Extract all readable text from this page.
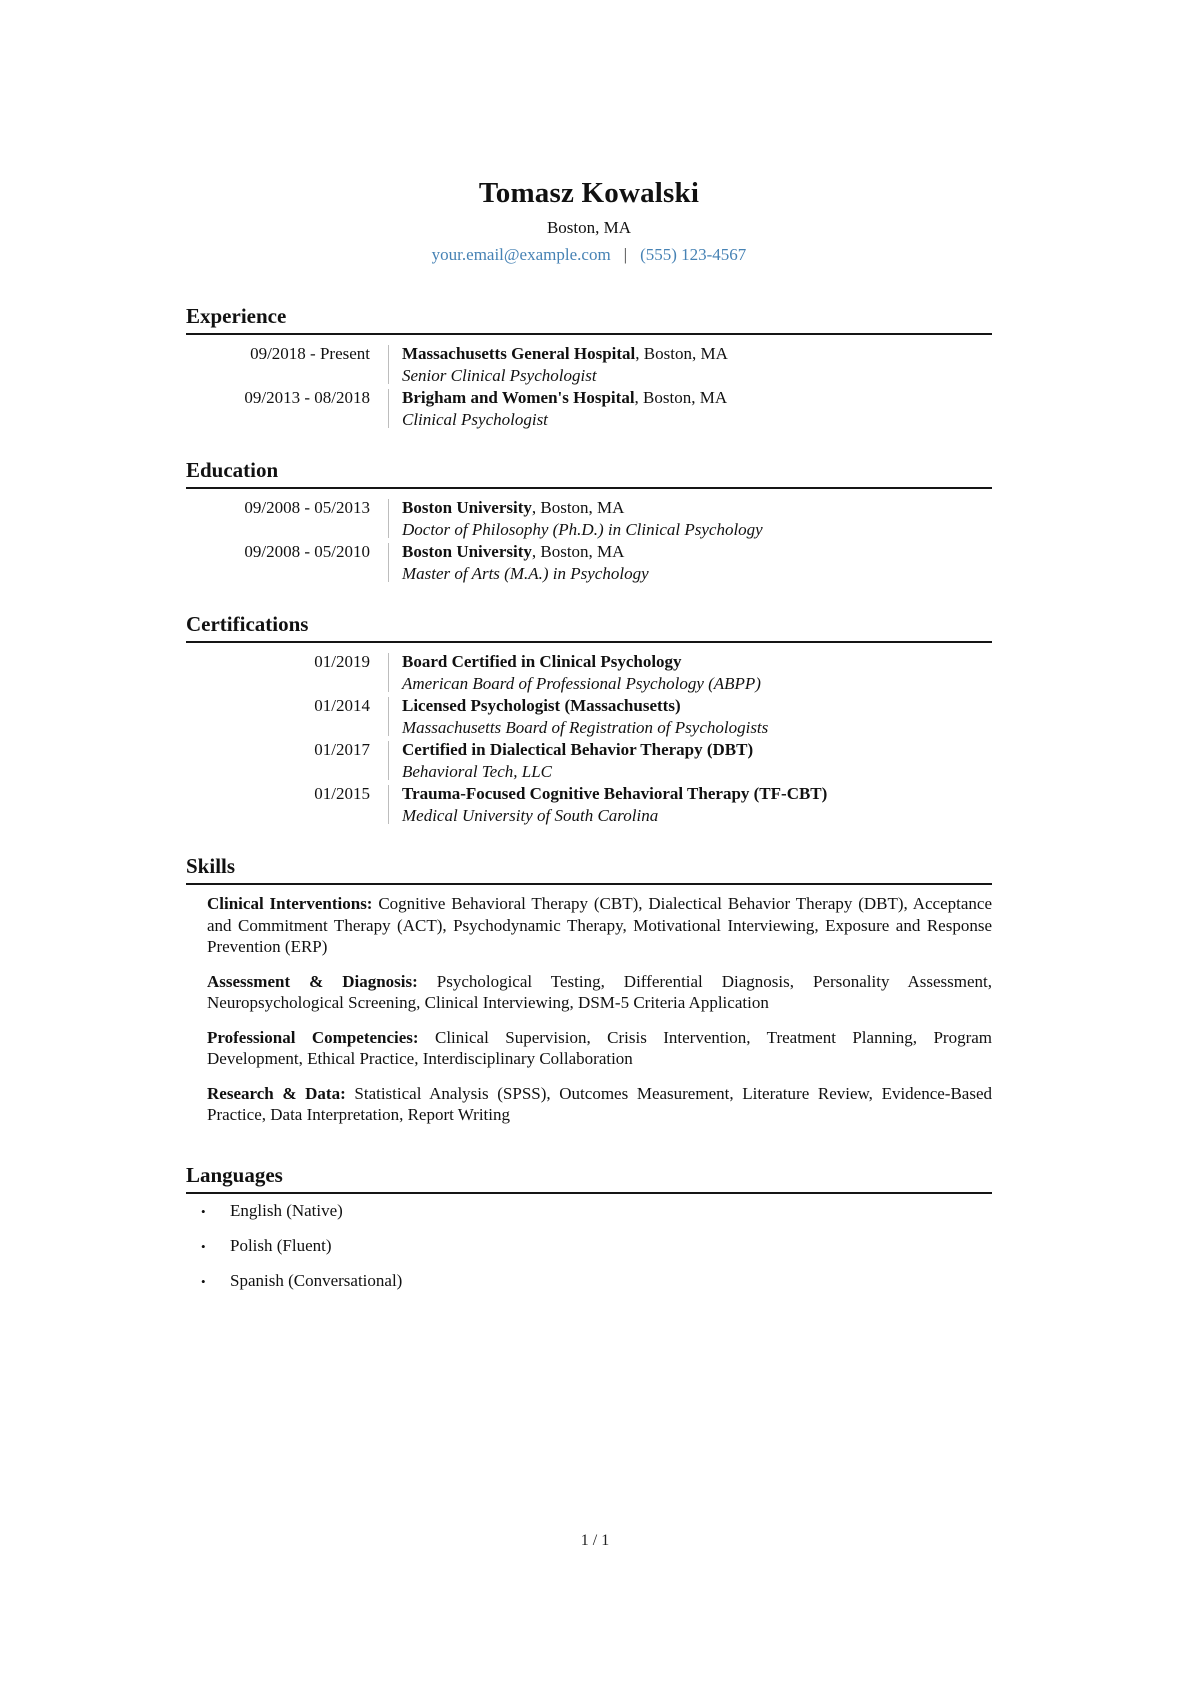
Tomasz Kowalski
Boston, MA
your.email@example.com | (555) 123-4567
Experience
09/2018 - Present Massachusetts General Hospital, Boston, MA
Senior Clinical Psychologist
09/2013 - 08/2018 Brigham and Women's Hospital, Boston, MA
Clinical Psychologist
Education
09/2008 - 05/2013 Boston University, Boston, MA
Doctor of Philosophy (Ph.D.) in Clinical Psychology
09/2008 - 05/2010 Boston University, Boston, MA
Master of Arts (M.A.) in Psychology
Certifications
01/2019 Board Certified in Clinical Psychology
American Board of Professional Psychology (ABPP)
01/2014 Licensed Psychologist (Massachusetts)
Massachusetts Board of Registration of Psychologists
01/2017 Certified in Dialectical Behavior Therapy (DBT)
Behavioral Tech, LLC
01/2015 Trauma-Focused Cognitive Behavioral Therapy (TF-CBT)
Medical University of South Carolina
Skills

Clinical Interventions: Cognitive Behavioral Therapy (CBT), Dialectical Behavior Therapy (DBT), Acceptance and Commitment Therapy (ACT), Psychodynamic Therapy, Motivational Interviewing, Exposure and Response Prevention (ERP)

Assessment & Diagnosis: Psychological Testing, Differential Diagnosis, Personality Assessment, Neuropsychological Screening, Clinical Interviewing, DSM-5 Criteria Application

Professional Competencies: Clinical Supervision, Crisis Intervention, Treatment Planning, Program Development, Ethical Practice, Interdisciplinary Collaboration

Research & Data: Statistical Analysis (SPSS), Outcomes Measurement, Literature Review, Evidence-Based Practice, Data Interpretation, Report Writing

Languages
•	English (Native)
•	Polish (Fluent)
•	Spanish (Conversational)
1 / 1
